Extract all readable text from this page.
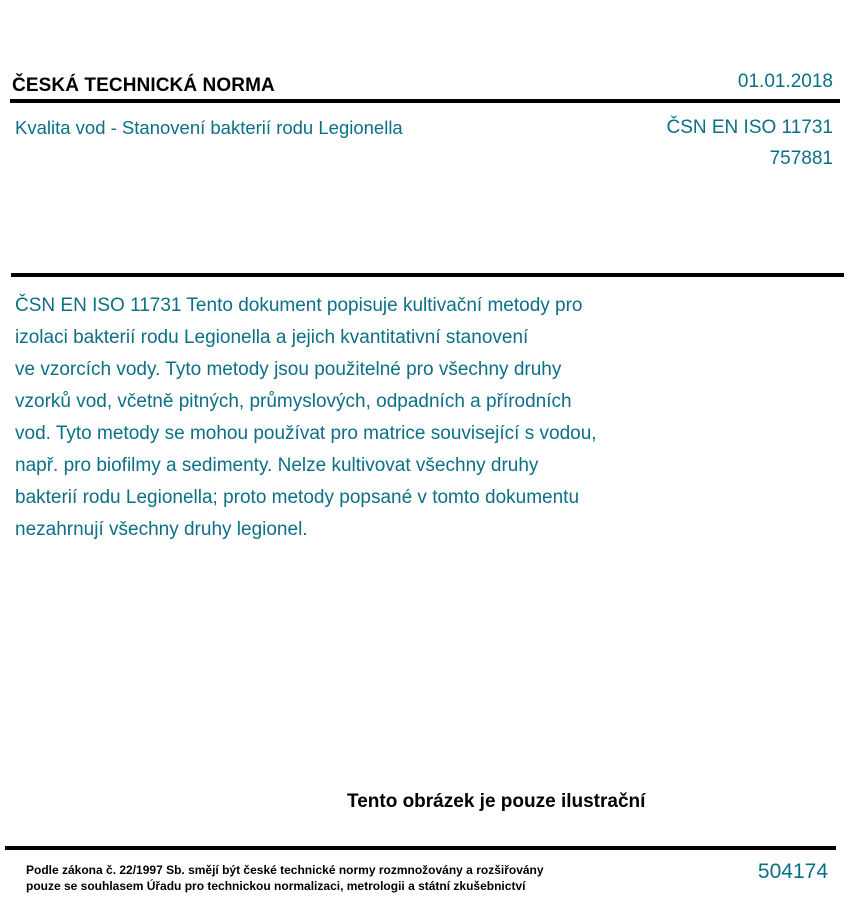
ČESKÁ TECHNICKÁ NORMA	01.01.2018
Kvalita vod - Stanovení bakterií rodu Legionella	ČSN EN ISO 11731
757881
ČSN EN ISO 11731 Tento dokument popisuje kultivační metody pro
izolaci bakterií rodu Legionella a jejich kvantitativní stanovení
ve vzorcích vody. Tyto metody jsou použitelné pro všechny druhy
vzorků vod, včetně pitných, průmyslových, odpadních a přírodních
vod. Tyto metody se mohou používat pro matrice související s vodou,
např. pro biofilmy a sedimenty. Nelze kultivovat všechny druhy
bakterií rodu Legionella; proto metody popsané v tomto dokumentu
nezahrnují všechny druhy legionel.
Tento obrázek je pouze ilustrační
Podle zákona č. 22/1997 Sb. smějí být české technické normy rozmnožovány a rozšiřovány
pouze se souhlasem Úřadu pro technickou normalizaci, metrologii a státní zkušebnictví
504174
